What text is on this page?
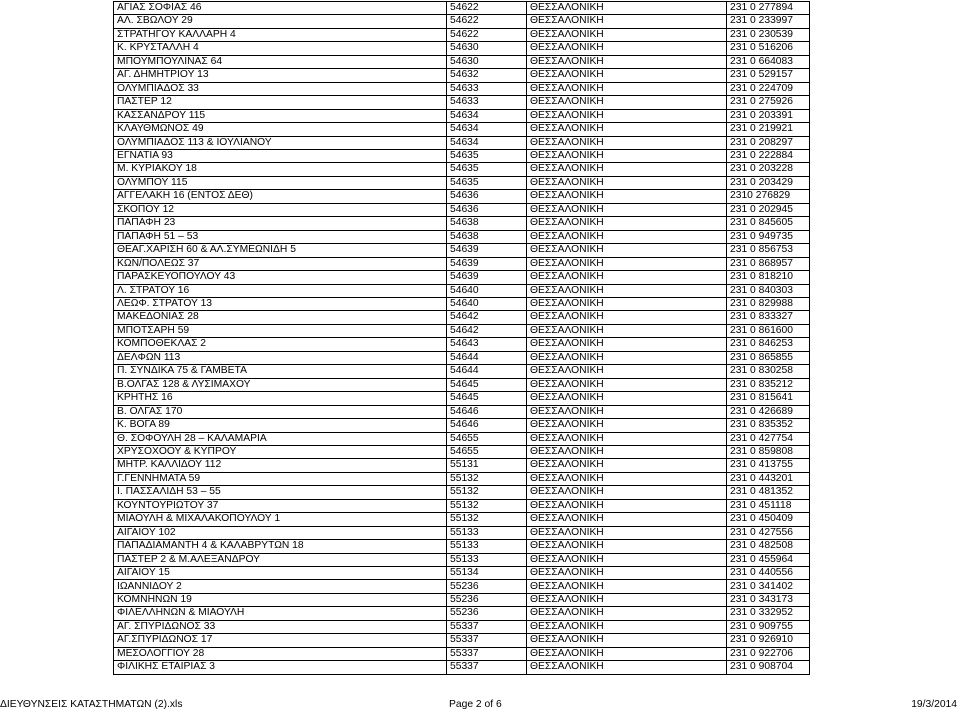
ΑΓΙΑΣ ΣΟΦΙΑΣ 46	54622	ΘΕΣΣΑΛΟΝΙΚΗ	231 0 277894
ΑΛ. ΣΒΩΛΟΥ 29	54622	ΘΕΣΣΑΛΟΝΙΚΗ	231 0 233997
ΣΤΡΑΤΗΓΟΥ ΚΑΛΛΑΡΗ 4	54622	ΘΕΣΣΑΛΟΝΙΚΗ	231 0 230539
Κ. ΚΡΥΣΤΑΛΛΗ 4	54630	ΘΕΣΣΑΛΟΝΙΚΗ	231 0 516206
ΜΠΟΥΜΠΟΥΛΙΝΑΣ 64	54630	ΘΕΣΣΑΛΟΝΙΚΗ	231 0 664083
ΑΓ. ΔΗΜΗΤΡΙΟΥ 13	54632	ΘΕΣΣΑΛΟΝΙΚΗ	231 0 529157
ΟΛΥΜΠΙΑΔΟΣ 33	54633	ΘΕΣΣΑΛΟΝΙΚΗ	231 0 224709
ΠΑΣΤΕΡ 12	54633	ΘΕΣΣΑΛΟΝΙΚΗ	231 0 275926
ΚΑΣΣΑΝΔΡΟΥ 115	54634	ΘΕΣΣΑΛΟΝΙΚΗ	231 0 203391
ΚΛΑΥΘΜΩΝΟΣ 49	54634	ΘΕΣΣΑΛΟΝΙΚΗ	231 0 219921
ΟΛΥΜΠΙΑΔΟΣ 113 & ΙΟΥΛΙΑΝΟΥ	54634	ΘΕΣΣΑΛΟΝΙΚΗ	231 0 208297
ΕΓΝΑΤΙΑ 93	54635	ΘΕΣΣΑΛΟΝΙΚΗ	231 0 222884
Μ. ΚΥΡΙΑΚΟΥ 18	54635	ΘΕΣΣΑΛΟΝΙΚΗ	231 0 203228
ΟΛΥΜΠΟΥ 115	54635	ΘΕΣΣΑΛΟΝΙΚΗ	231 0 203429
ΑΓΓΕΛΑΚΗ 16 (ΕΝΤΟΣ ΔΕΘ)	54636	ΘΕΣΣΑΛΟΝΙΚΗ	2310 276829
ΣΚΟΠΟΥ 12	54636	ΘΕΣΣΑΛΟΝΙΚΗ	231 0 202945
ΠΑΠΑΦΗ 23	54638	ΘΕΣΣΑΛΟΝΙΚΗ	231 0 845605
ΠΑΠΑΦΗ 51 – 53	54638	ΘΕΣΣΑΛΟΝΙΚΗ	231 0 949735
ΘΕΑΓ.ΧΑΡΙΣΗ 60 & ΑΛ.ΣΥΜΕΩΝΙΔΗ 5	54639	ΘΕΣΣΑΛΟΝΙΚΗ	231 0 856753
ΚΩΝ/ΠΟΛΕΩΣ 37	54639	ΘΕΣΣΑΛΟΝΙΚΗ	231 0 868957
ΠΑΡΑΣΚΕΥΟΠΟΥΛΟΥ 43	54639	ΘΕΣΣΑΛΟΝΙΚΗ	231 0 818210
Λ. ΣΤΡΑΤΟΥ 16	54640	ΘΕΣΣΑΛΟΝΙΚΗ	231 0 840303
ΛΕΩΦ. ΣΤΡΑΤΟΥ 13	54640	ΘΕΣΣΑΛΟΝΙΚΗ	231 0 829988
ΜΑΚΕΔΟΝΙΑΣ 28	54642	ΘΕΣΣΑΛΟΝΙΚΗ	231 0 833327
ΜΠΟΤΣΑΡΗ 59	54642	ΘΕΣΣΑΛΟΝΙΚΗ	231 0 861600
ΚΟΜΠΟΘΕΚΛΑΣ 2	54643	ΘΕΣΣΑΛΟΝΙΚΗ	231 0 846253
ΔΕΛΦΩΝ 113	54644	ΘΕΣΣΑΛΟΝΙΚΗ	231 0 865855
Π. ΣΥΝΔΙΚΑ 75 & ΓΑΜΒΕΤΑ	54644	ΘΕΣΣΑΛΟΝΙΚΗ	231 0 830258
Β.ΟΛΓΑΣ 128 & ΛΥΣΙΜΑΧΟΥ	54645	ΘΕΣΣΑΛΟΝΙΚΗ	231 0 835212
ΚΡΗΤΗΣ 16	54645	ΘΕΣΣΑΛΟΝΙΚΗ	231 0 815641
Β. ΟΛΓΑΣ 170	54646	ΘΕΣΣΑΛΟΝΙΚΗ	231 0 426689
Κ. ΒΟΓΑ 89	54646	ΘΕΣΣΑΛΟΝΙΚΗ	231 0 835352
Θ. ΣΟΦΟΥΛΗ 28 – ΚΑΛΑΜΑΡΙΑ	54655	ΘΕΣΣΑΛΟΝΙΚΗ	231 0 427754
ΧΡΥΣΟΧΟΟΥ & ΚΥΠΡΟΥ	54655	ΘΕΣΣΑΛΟΝΙΚΗ	231 0 859808
ΜΗΤΡ. ΚΑΛΛΙΔΟΥ 112	55131	ΘΕΣΣΑΛΟΝΙΚΗ	231 0 413755
Γ.ΓΕΝΝΗΜΑΤΑ 59	55132	ΘΕΣΣΑΛΟΝΙΚΗ	231 0 443201
Ι. ΠΑΣΣΑΛΙΔΗ 53 – 55	55132	ΘΕΣΣΑΛΟΝΙΚΗ	231 0 481352
ΚΟΥΝΤΟΥΡΙΩΤΟΥ 37	55132	ΘΕΣΣΑΛΟΝΙΚΗ	231 0 451118
ΜΙΑΟΥΛΗ & ΜΙΧΑΛΑΚΟΠΟΥΛΟΥ 1	55132	ΘΕΣΣΑΛΟΝΙΚΗ	231 0 450409
ΑΙΓΑΙΟΥ 102	55133	ΘΕΣΣΑΛΟΝΙΚΗ	231 0 427556
ΠΑΠΑΔΙΑΜΑΝΤΗ 4 & ΚΑΛΑΒΡΥΤΩΝ 18	55133	ΘΕΣΣΑΛΟΝΙΚΗ	231 0 482508
ΠΑΣΤΕΡ 2 & Μ.ΑΛΕΞΑΝΔΡΟΥ	55133	ΘΕΣΣΑΛΟΝΙΚΗ	231 0 455964
ΑΙΓΑΙΟΥ 15	55134	ΘΕΣΣΑΛΟΝΙΚΗ	231 0 440556
ΙΩΑΝΝΙΔΟΥ 2	55236	ΘΕΣΣΑΛΟΝΙΚΗ	231 0 341402
ΚΟΜΝΗΝΩΝ 19	55236	ΘΕΣΣΑΛΟΝΙΚΗ	231 0 343173
ΦΙΛΕΛΛΗΝΩΝ & ΜΙΑΟΥΛΗ	55236	ΘΕΣΣΑΛΟΝΙΚΗ	231 0 332952
ΑΓ. ΣΠΥΡΙΔΩΝΟΣ 33	55337	ΘΕΣΣΑΛΟΝΙΚΗ	231 0 909755
ΑΓ.ΣΠΥΡΙΔΩΝΟΣ 17	55337	ΘΕΣΣΑΛΟΝΙΚΗ	231 0 926910
ΜΕΣΟΛΟΓΓΙΟΥ 28	55337	ΘΕΣΣΑΛΟΝΙΚΗ	231 0 922706
ΦΙΛΙΚΗΣ ΕΤΑΙΡΙΑΣ 3	55337	ΘΕΣΣΑΛΟΝΙΚΗ	231 0 908704
ΔΙΕΥΘΥΝΣΕΙΣ ΚΑΤΑΣΤΗΜΑΤΩΝ (2).xls	Page 2 of 6	19/3/2014
